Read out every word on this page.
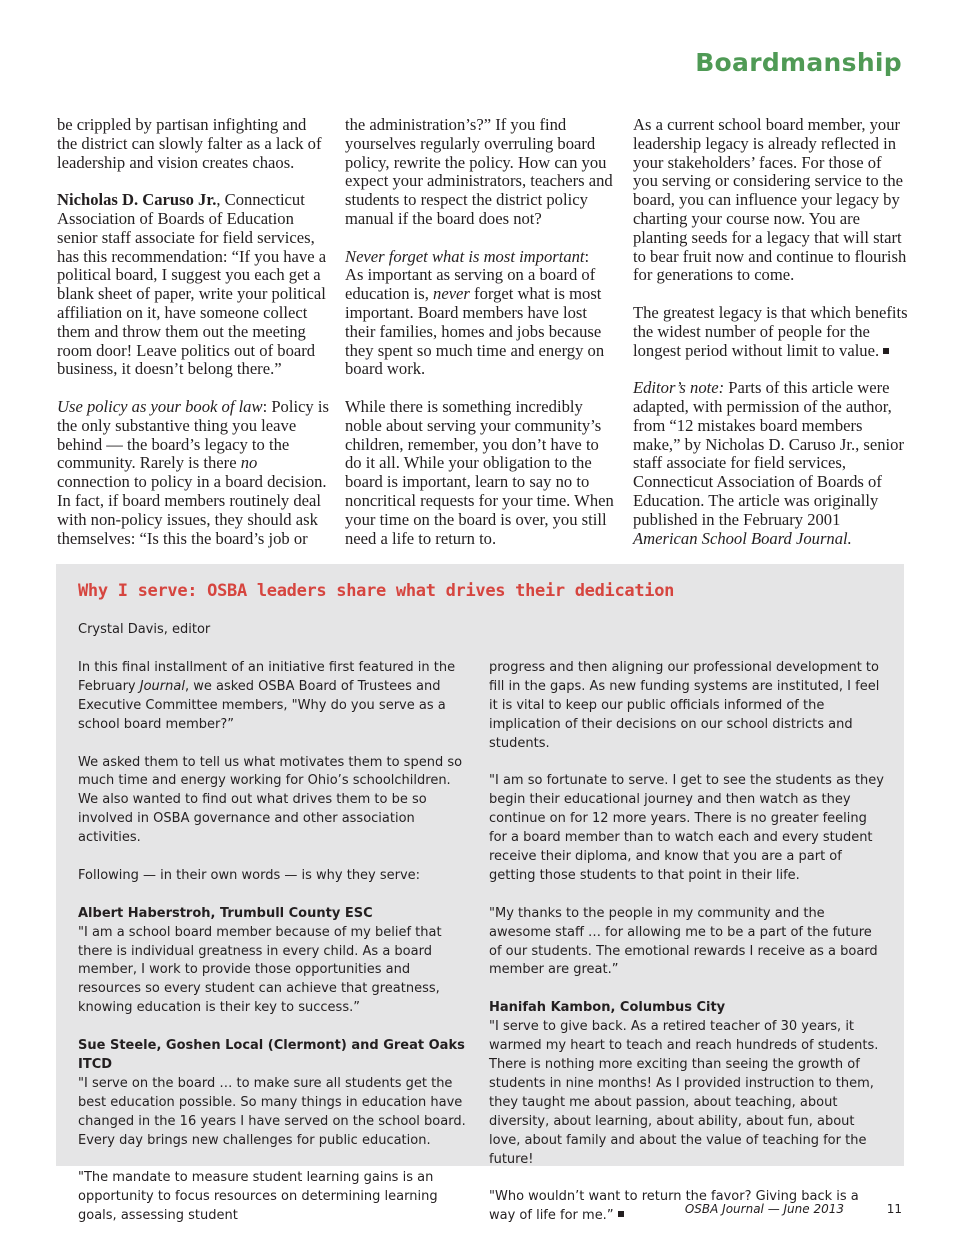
Boardmanship

be crippled by partisan infighting and the district can slowly falter as a lack of leadership and vision creates chaos.

Nicholas D. Caruso Jr., Connecticut Association of Boards of Education senior staff associate for field services, has this recommendation: “If you have a political board, I suggest you each get a blank sheet of paper, write your political affiliation on it, have someone collect them and throw them out the meeting room door! Leave politics out of board business, it doesn’t belong there.”

Use policy as your book of law: Policy is the only substantive thing you leave behind — the board’s legacy to the community. Rarely is there no connection to policy in a board decision. In fact, if board members routinely deal with non-policy issues, they should ask themselves: “Is this the board’s job or

the administration’s?” If you find yourselves regularly overruling board policy, rewrite the policy. How can you expect your administrators, teachers and students to respect the district policy manual if the board does not?

Never forget what is most important:
As important as serving on a board of education is, never forget what is most important. Board members have lost their families, homes and jobs because they spent so much time and energy on board work.

While there is something incredibly noble about serving your community’s children, remember, you don’t have to do it all. While your obligation to the board is important, learn to say no to noncritical requests for your time. When your time on the board is over, you still need a life to return to.

As a current school board member, your leadership legacy is already reflected in your stakeholders’ faces. For those of you serving or considering service to the board, you can influence your legacy by charting your course now. You are planting seeds for a legacy that will start to bear fruit now and continue to flourish for generations to come.

The greatest legacy is that which benefits the widest number of people for the longest period without limit to value.

Editor’s note: Parts of this article were adapted, with permission of the author, from “12 mistakes board members make,” by Nicholas D. Caruso Jr., senior staff associate for field services, Connecticut Association of Boards of Education. The article was originally published in the February 2001 American School Board Journal.

Why I serve: OSBA leaders share what drives their dedication
Crystal Davis, editor

In this final installment of an initiative first featured in the February Journal, we asked OSBA Board of Trustees and Executive Committee members, "Why do you serve as a school board member?”

We asked them to tell us what motivates them to spend so much time and energy working for Ohio’s schoolchildren. We also wanted to find out what drives them to be so involved in OSBA governance and other association activities.

Following — in their own words — is why they serve:

Albert Haberstroh, Trumbull County ESC
"I am a school board member because of my belief that there is individual greatness in every child. As a board member, I work to provide those opportunities and resources so every student can achieve that greatness, knowing education is their key to success.”

Sue Steele, Goshen Local (Clermont) and Great Oaks ITCD
"I serve on the board … to make sure all students get the best education possible. So many things in education have changed in the 16 years I have served on the school board. Every day brings new challenges for public education.

"The mandate to measure student learning gains is an opportunity to focus resources on determining learning goals, assessing student

progress and then aligning our professional development to fill in the gaps. As new funding systems are instituted, I feel it is vital to keep our public officials informed of the implication of their decisions on our school districts and students.

"I am so fortunate to serve. I get to see the students as they begin their educational journey and then watch as they continue on for 12 more years. There is no greater feeling for a board member than to watch each and every student receive their diploma, and know that you are a part of getting those students to that point in their life.

"My thanks to the people in my community and the awesome staff … for allowing me to be a part of the future of our students. The emotional rewards I receive as a board member are great.”

Hanifah Kambon, Columbus City
"I serve to give back. As a retired teacher of 30 years, it warmed my heart to teach and reach hundreds of students. There is nothing more exciting than seeing the growth of students in nine months! As I provided instruction to them, they taught me about passion, about teaching, about diversity, about learning, about ability, about fun, about love, about family and about the value of teaching for the future!

"Who wouldn’t want to return the favor? Giving back is a way of life for me.”	OSBA Journal — June 2013	11
